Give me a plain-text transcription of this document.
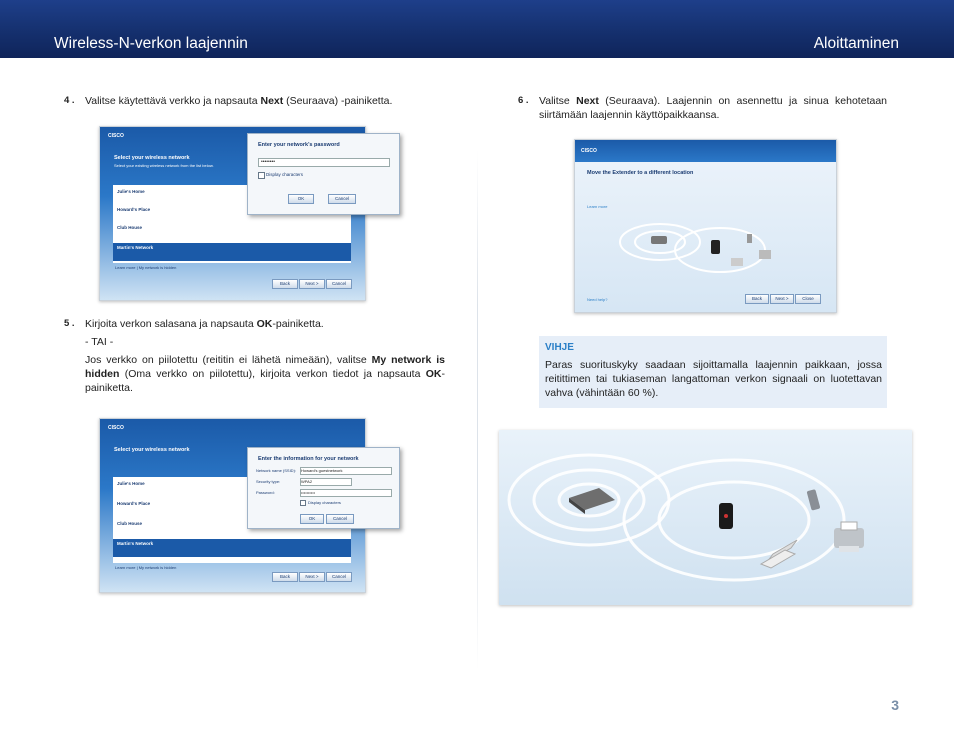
Wireless-N-verkon laajennin	Aloittaminen
4 . Valitse käytettävä verkko ja napsauta Next (Seuraava) -painiketta.
CISCO
Select your wireless network
Select your existing wireless network from the list below.
Julie's Home
Howard's Place
Club House
Martin's Network
Learn more | My network is hidden
Back	Next >	Cancel
Enter your network's password
••••••••
Display characters
OK	Cancel
5 . Kirjoita verkon salasana ja napsauta OK-painiketta.
- TAI -
Jos verkko on piilotettu (reititin ei lähetä nimeään), valitse My network is hidden (Oma verkko on piilotettu), kirjoita verkon tiedot ja napsauta OK-painiketta.
CISCO
Select your wireless network
Julie's Home
Howard's Place
Club House
Martin's Network
Learn more | My network is hidden
Back	Next >	Cancel
Enter the information for your network
Network name (SSID): Howard's guestnetwork
Security type:	WPA2
Password:	••••••••••
Display characters
OK	Cancel
6 . Valitse Next (Seuraava). Laajennin on asennettu ja sinua kehotetaan siirtämään laajennin käyttöpaikkaansa.
CISCO
Move the Extender to a different location
Learn more
Need help?	Back	Next >	Close
VIHJE
Paras suorituskyky saadaan sijoittamalla laajennin paikkaan, jossa reitittimen tai tukiaseman langattoman verkon signaali on luotettavan vahva (vähintään 60 %).
3
